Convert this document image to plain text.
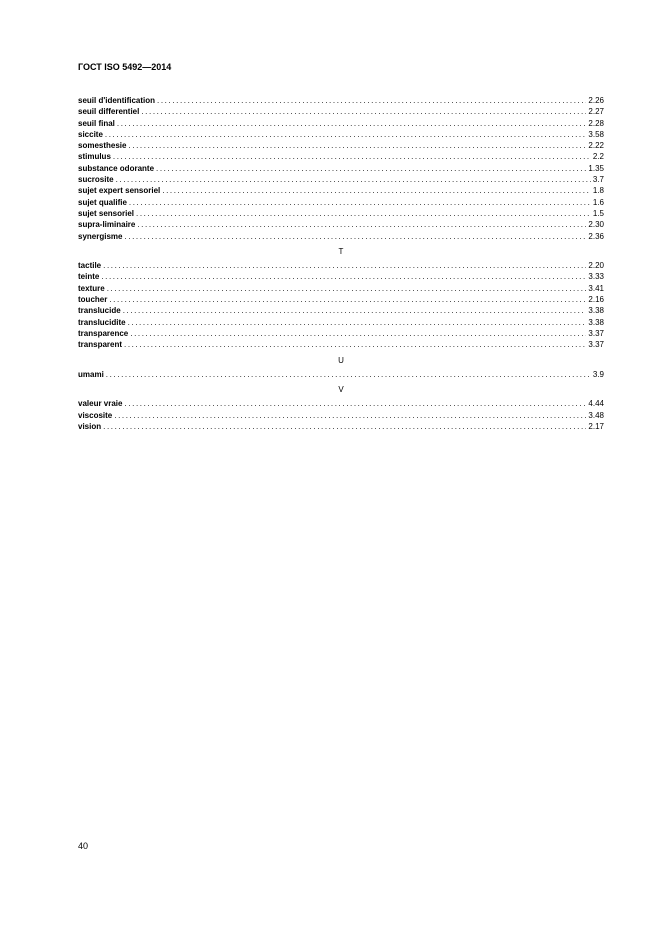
ГОСТ ISO 5492—2014
seuil d'identification .....	2.26
seuil differentiel .....	2.27
seuil final .....	2.28
siccite .....	3.58
somesthesie .....	2.22
stimulus .....	2.2
substance odorante .....	1.35
sucrosite .....	3.7
sujet expert sensoriel .....	1.8
sujet qualifie .....	1.6
sujet sensoriel .....	1.5
supra-liminaire .....	2.30
synergisme .....	2.36
T
tactile .....	2.20
teinte .....	3.33
texture .....	3.41
toucher .....	2.16
translucide .....	3.38
translucidite .....	3.38
transparence .....	3.37
transparent .....	3.37
U
umami .....	3.9
V
valeur vraie .....	4.44
viscosite .....	3.48
vision .....	2.17
40
